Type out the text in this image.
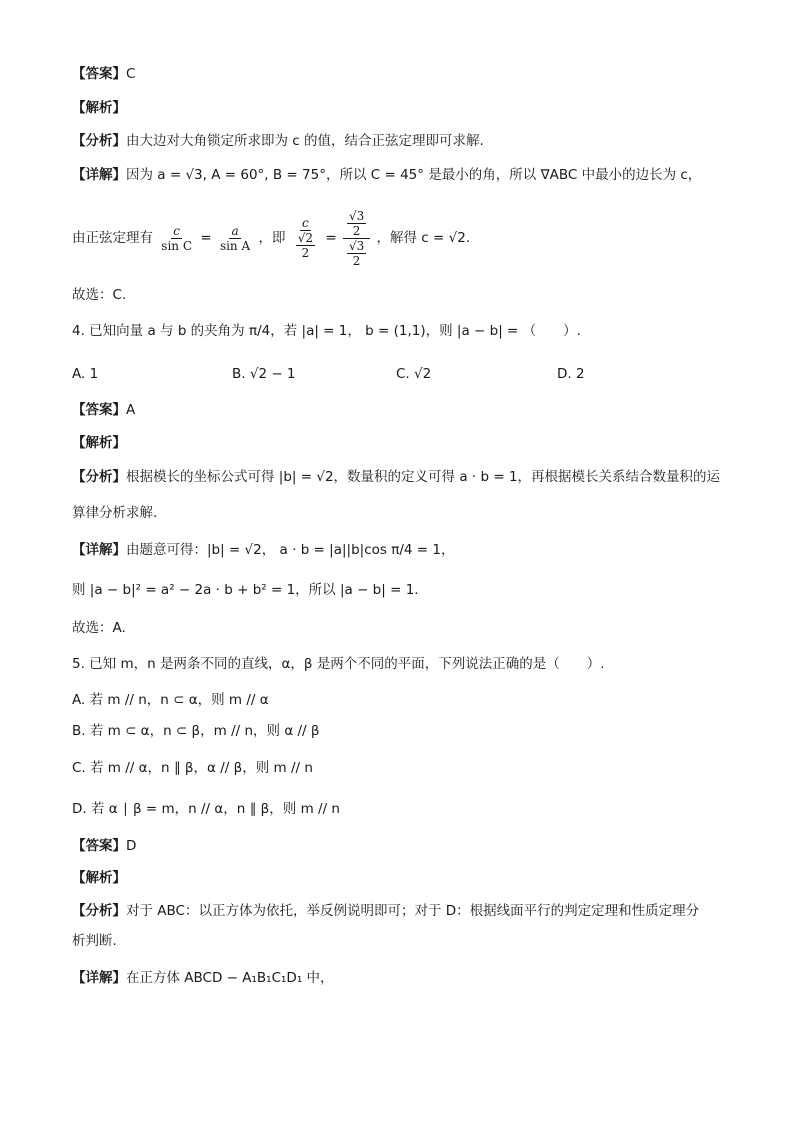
【答案】C
【解析】
【分析】由大边对大角锁定所求即为 c 的值，结合正弦定理即可求解.
【详解】因为 a = √3, A = 60°, B = 75°，所以 C = 45° 是最小的角，所以 ∇ABC 中最小的边长为 c，
由正弦定理有 $\frac{c}{\text{sin C}} = \frac{a}{\text{sin A}}$ ，即 $\frac{c}{\frac{√2}{2}} = \frac{\frac{√3}{2}}{\frac{√3}{2}}$ ，解得 c = √2.
故选：C.
4. 已知向量 a 与 b 的夹角为 π/4，若 |a| = 1， b = (1,1)，则 |a − b| = （　　）.
A. 1	B. √2 − 1	C. √2	D. 2
【答案】A
【解析】
【分析】根据模长的坐标公式可得 |b| = √2，数量积的定义可得 a · b = 1，再根据模长关系结合数量积的运
算律分析求解.
【详解】由题意可得：|b| = √2， a · b = |a||b|cos π/4 = 1，
则 |a − b|² = a² − 2a · b + b² = 1，所以 |a − b| = 1.
故选：A.
5. 已知 m，n 是两条不同的直线，α，β 是两个不同的平面，下列说法正确的是（　　）.
A. 若 m // n，n ⊂ α，则 m // α
B. 若 m ⊂ α，n ⊂ β，m // n，则 α // β
C. 若 m // α，n ∥ β，α // β，则 m // n
D. 若 α ∣ β = m，n // α，n ∥ β，则 m // n
【答案】D
【解析】
【分析】对于 ABC：以正方体为依托，举反例说明即可；对于 D：根据线面平行的判定定理和性质定理分
析判断.
【详解】在正方体 ABCD − A₁B₁C₁D₁ 中，
